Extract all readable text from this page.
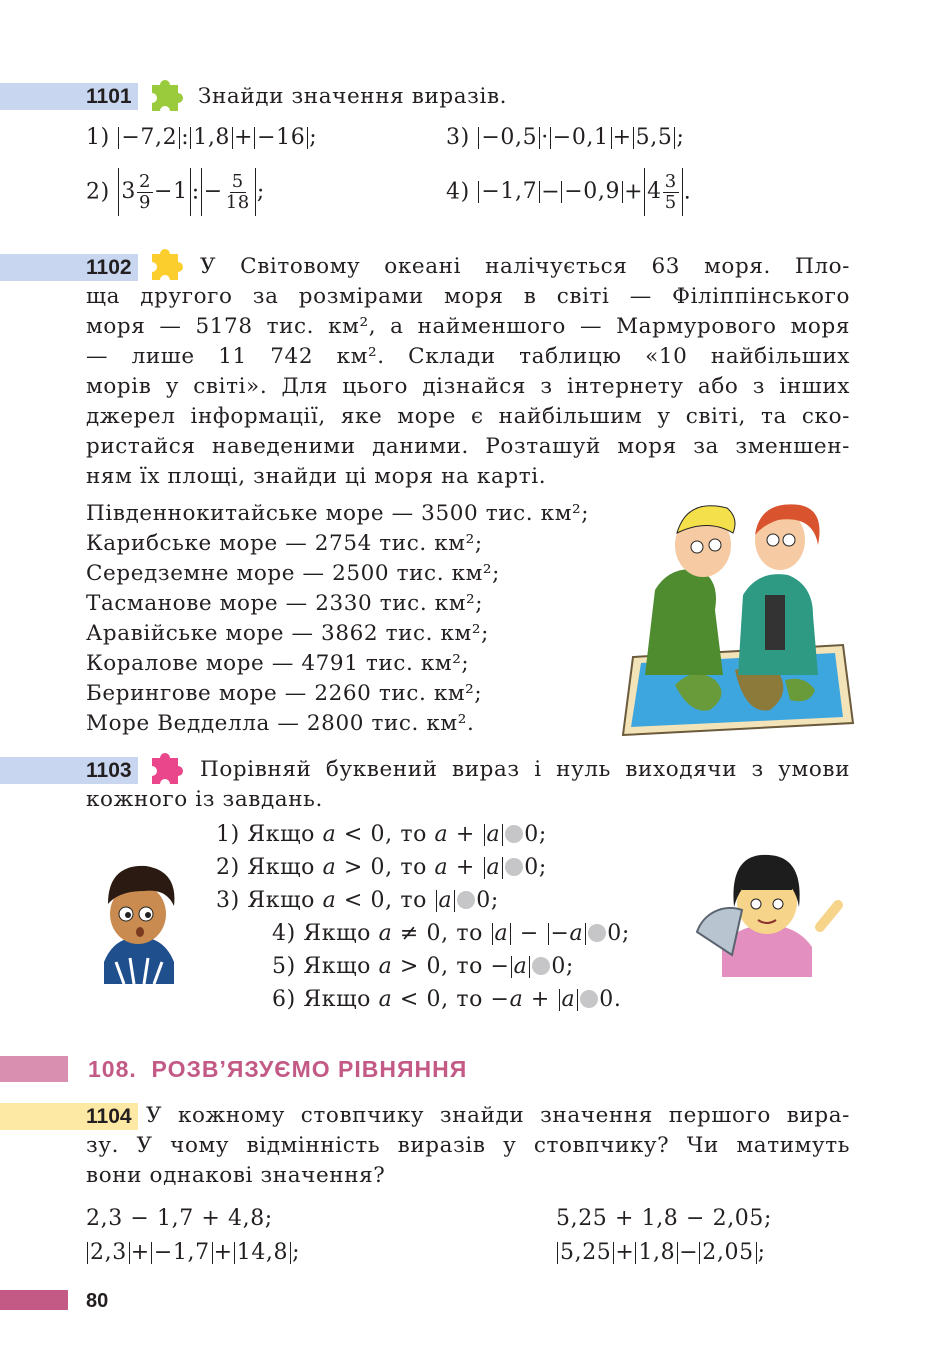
1101	Знайди значення виразів.
1) −7,2 : 1,8 + −16 ;	3) −0,5 · −0,1 + 5,5 ;
2) $3 \frac{2}{9} -1$ : − $\frac{5}{18}$ ;	$4) -1,7 - -0,9 + 4 \frac{3}{5}$ .
1102	У Світовому океані налічується 63 моря. Пло-
ща другого за розмірами моря в світі — Філіппінського
моря — 5178 тис. км², а найменшого — Мармурового моря
— лише 11 742 км². Склади таблицю «10 найбільших
морів у світі». Для цього дізнайся з інтернету або з інших
джерел інформації, яке море є найбільшим у світі, та ско-
ристайся наведеними даними. Розташуй моря за зменшен-
ням їх площі, знайди ці моря на карті.
Південнокитайське море — 3500 тис. км²;
Карибське море — 2754 тис. км²;
Середземне море — 2500 тис. км²;
Тасманове море — 2330 тис. км²;
Аравійське море — 3862 тис. км²;
Коралове море — 4791 тис. км²;
Берингове море — 2260 тис. км²;
Море Ведделла — 2800 тис. км².
1103	Порівняй буквений вираз і нуль виходячи з умови
кожного із завдань.
1) Якщо a < 0, то a + a 0;
2) Якщо a > 0, то a + a 0;
3) Якщо a < 0, то a 0;
4) Якщо a ≠ 0, то a − −a 0;
5) Якщо a > 0, то − a 0;
6) Якщо a < 0, то −a + a 0.
108. РОЗВ’ЯЗУЄМО РІВНЯННЯ
1104 У кожному стовпчику знайди значення першого вира-
зу. У чому відмінність виразів у стовпчику? Чи матимуть
вони однакові значення?
2,3 − 1,7 + 4,8;	5,25 + 1,8 − 2,05;
2,3 + −1,7 + 14,8 ;	5,25 + 1,8 − 2,05 ;
80
